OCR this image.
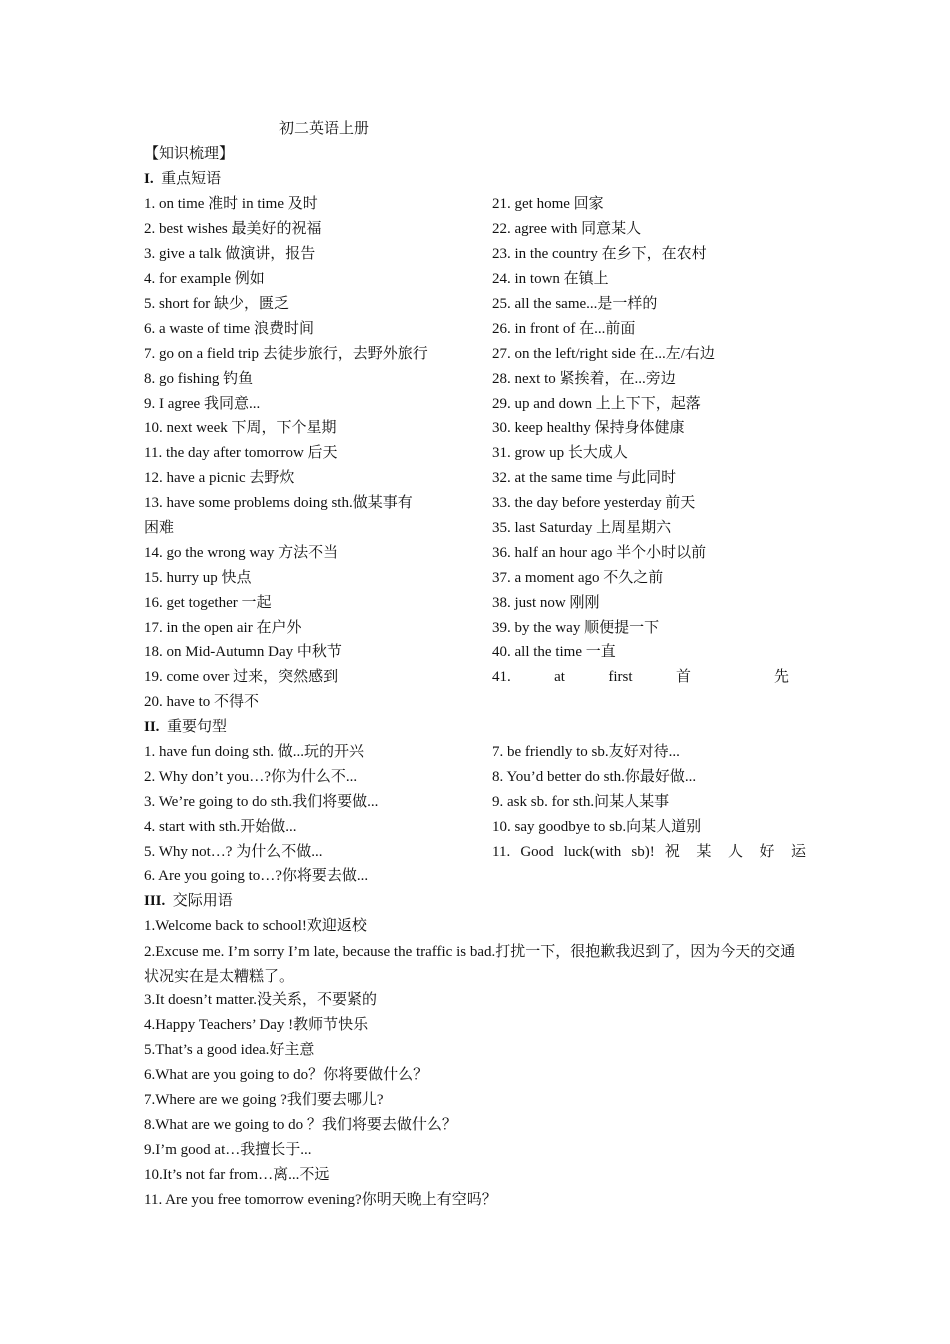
初二英语上册
【知识梳理】
I. 重点短语
1. on time 准时 in time 及时
2. best wishes 最美好的祝福
3. give a talk 做演讲，报告
4. for example 例如
5. short for 缺少，匮乏
6. a waste of time 浪费时间
7. go on a field trip 去徒步旅行，去野外旅行
8. go fishing 钓鱼
9. I agree 我同意...
10. next week 下周，下个星期
11. the day after tomorrow 后天
12. have a picnic 去野炊
13. have some problems doing sth.做某事有
困难
14. go the wrong way 方法不当
15. hurry up 快点
16. get together 一起
17. in the open air 在户外
18. on Mid-Autumn Day 中秋节
19. come over 过来，突然感到
20. have to 不得不
21. get home 回家
22. agree with 同意某人
23. in the country 在乡下，在农村
24. in town 在镇上
25. all the same...是一样的
26. in front of 在...前面
27. on the left/right side 在...左/右边
28. next to 紧挨着，在...旁边
29. up and down 上上下下，起落
30. keep healthy 保持身体健康
31. grow up 长大成人
32. at the same time 与此同时
33. the day before yesterday 前天
35. last Saturday 上周星期六
36. half an hour ago 半个小时以前
37. a moment ago 不久之前
38. just now 刚刚
39. by the way 顺便提一下
40. all the time 一直
41. at first 首 先
II. 重要句型
1. have fun doing sth. 做...玩的开兴
2. Why don’t you…?你为什么不...
3. We’re going to do sth.我们将要做...
4. start with sth.开始做...
5. Why not…? 为什么不做...
6. Are you going to…?你将要去做...
7. be friendly to sb.友好对待...
8. You’d better do sth.你最好做...
9. ask sb. for sth.问某人某事
10. say goodbye to sb.向某人道别
11. Good luck(with sb)! 祝 某 人 好 运
III. 交际用语
1.Welcome back to school!欢迎返校
2.Excuse me. I’m sorry I’m late, because the traffic is bad.打扰一下，很抱歉我迟到了，因为今天的交通状况实在是太糟糕了。
3.It doesn’t matter.没关系，不要紧的
4.Happy Teachers’ Day !教师节快乐
5.That’s a good idea.好主意
6.What are you going to do？你将要做什么？
7.Where are we going ?我们要去哪儿?
8.What are we going to do ？我们将要去做什么？
9.I’m good at…我擅长于...
10.It’s not far from…离...不远
11. Are you free tomorrow evening?你明天晚上有空吗？
